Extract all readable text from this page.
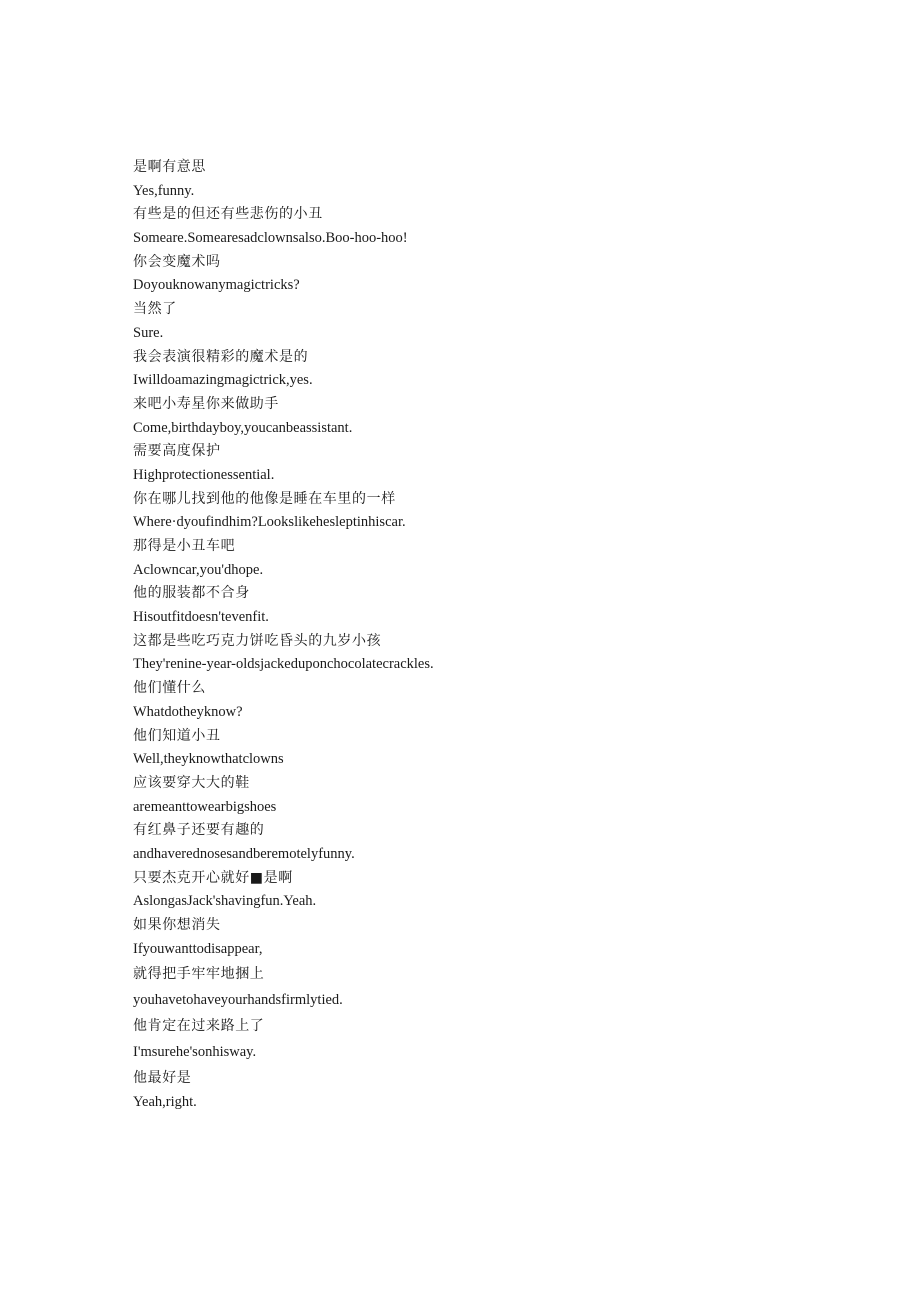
是啊有意思
Yes,funny.
有些是的但还有些悲伤的小丑
Someare.Somearesadclownsalso.Boo-hoo-hoo!
你会变魔术吗
Doyouknowanymagictricks?
当然了
Sure.
我会表演很精彩的魔术是的
Iwilldoamazingmagictrick,yes.
来吧小寿星你来做助手
Come,birthdayboy,youcanbeassistant.
需要高度保护
Highprotectionessential.
你在哪儿找到他的他像是睡在车里的一样
Where·dyoufindhim?Lookslikehesleptinhiscar.
那得是小丑车吧
Aclowncar,you'dhope.
他的服装都不合身
Hisoutfitdoesn'tevenfit.
这都是些吃巧克力饼吃昏头的九岁小孩
They'renine-year-oldsjackeduponchocolatecrackles.
他们懂什么
Whatdotheyknow?
他们知道小丑
Well,theyknowthatclowns
应该要穿大大的鞋
aremeanttowearbigshoes
有红鼻子还要有趣的
andhaverednosesandberemotelyfunny.
只要杰克开心就好■是啊
AslongasJack'shavingfun.Yeah.
如果你想消失
Ifyouwanttodisappear,
就得把手牢牢地捆上
youhavetohaveyourhandsfirmlytied.
他肯定在过来路上了
I'msurehe'sonhisway.
他最好是
Yeah,right.
